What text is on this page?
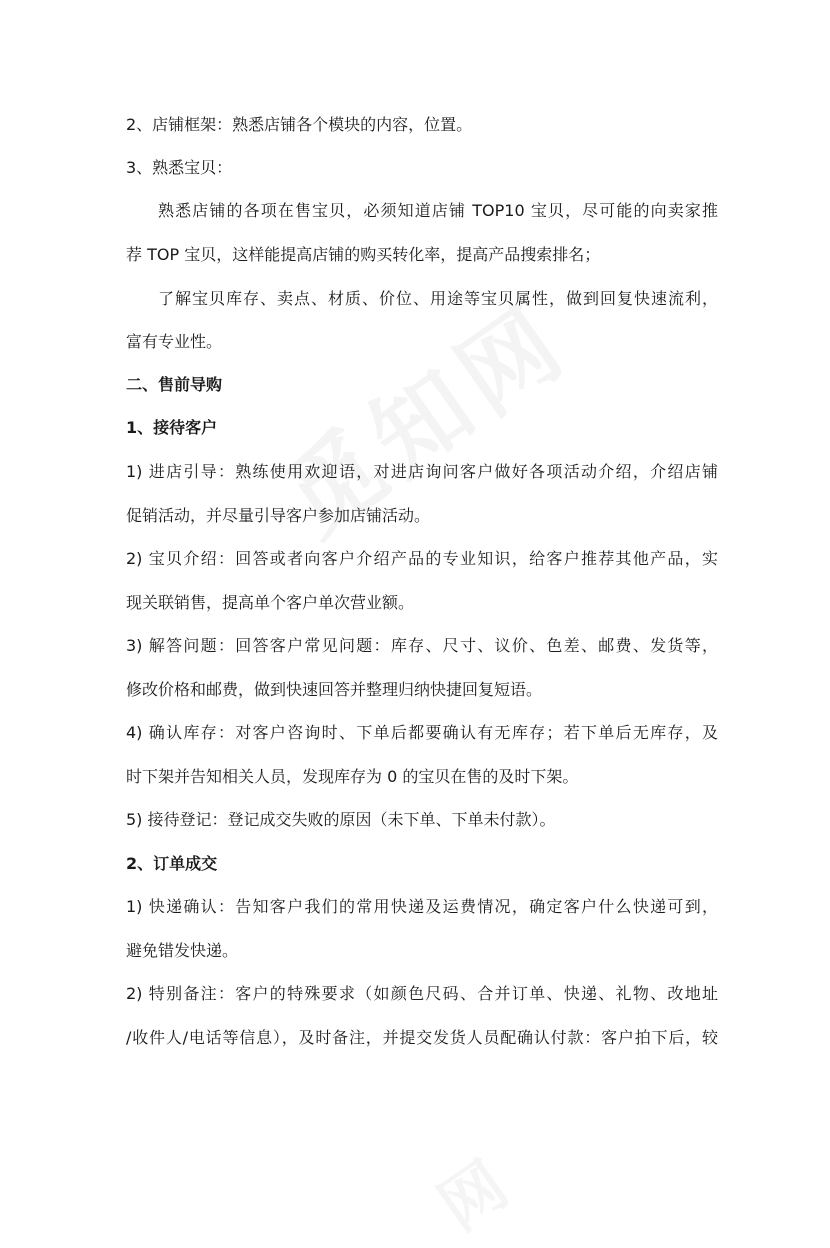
2、店铺框架：熟悉店铺各个模块的内容，位置。
3、熟悉宝贝：
熟悉店铺的各项在售宝贝，必须知道店铺 TOP10 宝贝，尽可能的向卖家推
荐 TOP 宝贝，这样能提高店铺的购买转化率，提高产品搜索排名；
了解宝贝库存、卖点、材质、价位、用途等宝贝属性，做到回复快速流利，
富有专业性。
二、售前导购
1、接待客户
1) 进店引导：熟练使用欢迎语，对进店询问客户做好各项活动介绍，介绍店铺
促销活动，并尽量引导客户参加店铺活动。
2) 宝贝介绍：回答或者向客户介绍产品的专业知识，给客户推荐其他产品，实
现关联销售，提高单个客户单次营业额。
3) 解答问题：回答客户常见问题：库存、尺寸、议价、色差、邮费、发货等，
修改价格和邮费，做到快速回答并整理归纳快捷回复短语。
4) 确认库存：对客户咨询时、下单后都要确认有无库存；若下单后无库存，及
时下架并告知相关人员，发现库存为 0 的宝贝在售的及时下架。
5) 接待登记：登记成交失败的原因（未下单、下单未付款）。
2、订单成交
1) 快递确认：告知客户我们的常用快递及运费情况，确定客户什么快递可到，
避免错发快递。
2) 特别备注：客户的特殊要求（如颜色尺码、合并订单、快递、礼物、改地址
/收件人/电话等信息），及时备注，并提交发货人员配确认付款：客户拍下后，较
